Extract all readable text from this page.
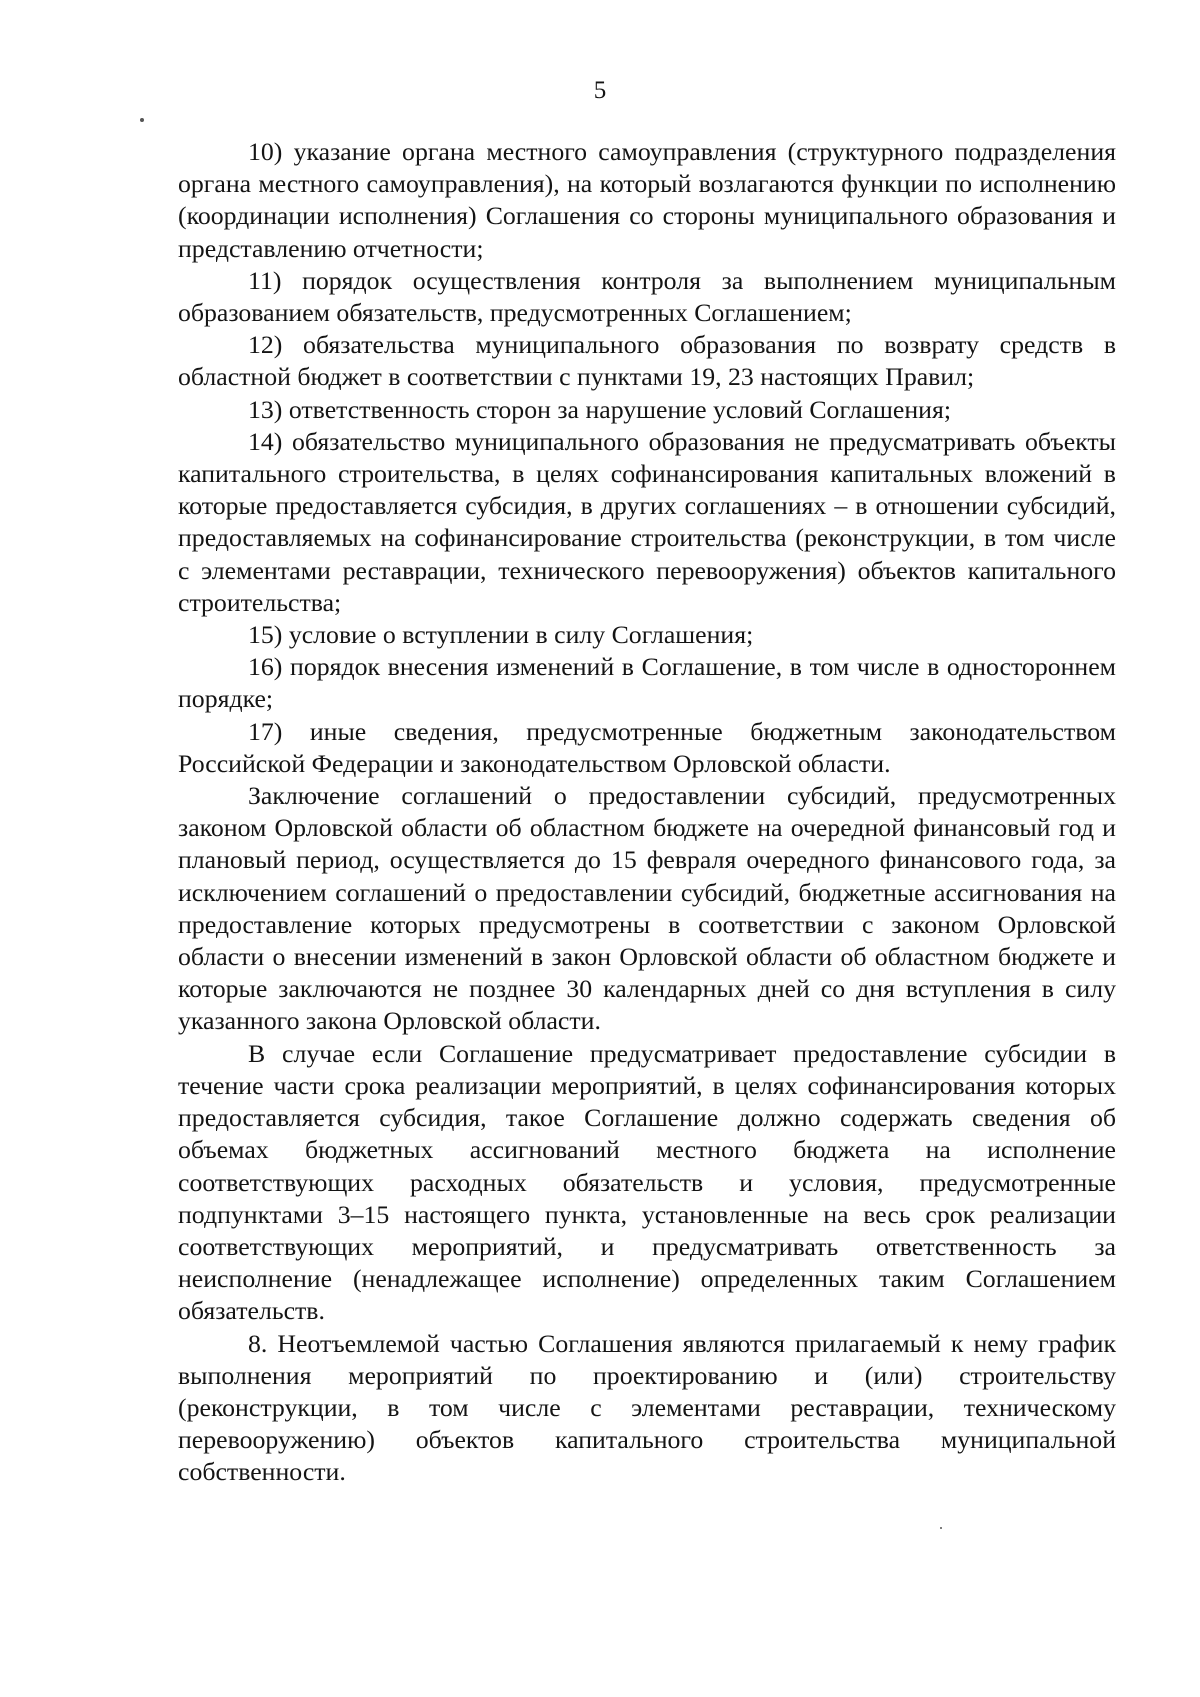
5

10) указание органа местного самоуправления (структурного подразделения органа местного самоуправления), на который возлагаются функции по исполнению (координации исполнения) Соглашения со стороны муниципального образования и представлению отчетности;

11) порядок осуществления контроля за выполнением муниципальным образованием обязательств, предусмотренных Соглашением;

12) обязательства муниципального образования по возврату средств в областной бюджет в соответствии с пунктами 19, 23 настоящих Правил;

13) ответственность сторон за нарушение условий Соглашения;

14) обязательство муниципального образования не предусматривать объекты капитального строительства, в целях софинансирования капитальных вложений в которые предоставляется субсидия, в других соглашениях – в отношении субсидий, предоставляемых на софинансирование строительства (реконструкции, в том числе с элементами реставрации, технического перевооружения) объектов капитального строительства;

15) условие о вступлении в силу Соглашения;

16) порядок внесения изменений в Соглашение, в том числе в одностороннем порядке;

17) иные сведения, предусмотренные бюджетным законодательством Российской Федерации и законодательством Орловской области.

Заключение соглашений о предоставлении субсидий, предусмотренных законом Орловской области об областном бюджете на очередной финансовый год и плановый период, осуществляется до 15 февраля очередного финансового года, за исключением соглашений о предоставлении субсидий, бюджетные ассигнования на предоставление которых предусмотрены в соответствии с законом Орловской области о внесении изменений в закон Орловской области об областном бюджете и которые заключаются не позднее 30 календарных дней со дня вступления в силу указанного закона Орловской области.

В случае если Соглашение предусматривает предоставление субсидии в течение части срока реализации мероприятий, в целях софинансирования которых предоставляется субсидия, такое Соглашение должно содержать сведения об объемах бюджетных ассигнований местного бюджета на исполнение соответствующих расходных обязательств и условия, предусмотренные подпунктами 3–15 настоящего пункта, установленные на весь срок реализации соответствующих мероприятий, и предусматривать ответственность за неисполнение (ненадлежащее исполнение) определенных таким Соглашением обязательств.

8. Неотъемлемой частью Соглашения являются прилагаемый к нему график выполнения мероприятий по проектированию и (или) строительству (реконструкции, в том числе с элементами реставрации, техническому перевооружению) объектов капитального строительства муниципальной собственности.
